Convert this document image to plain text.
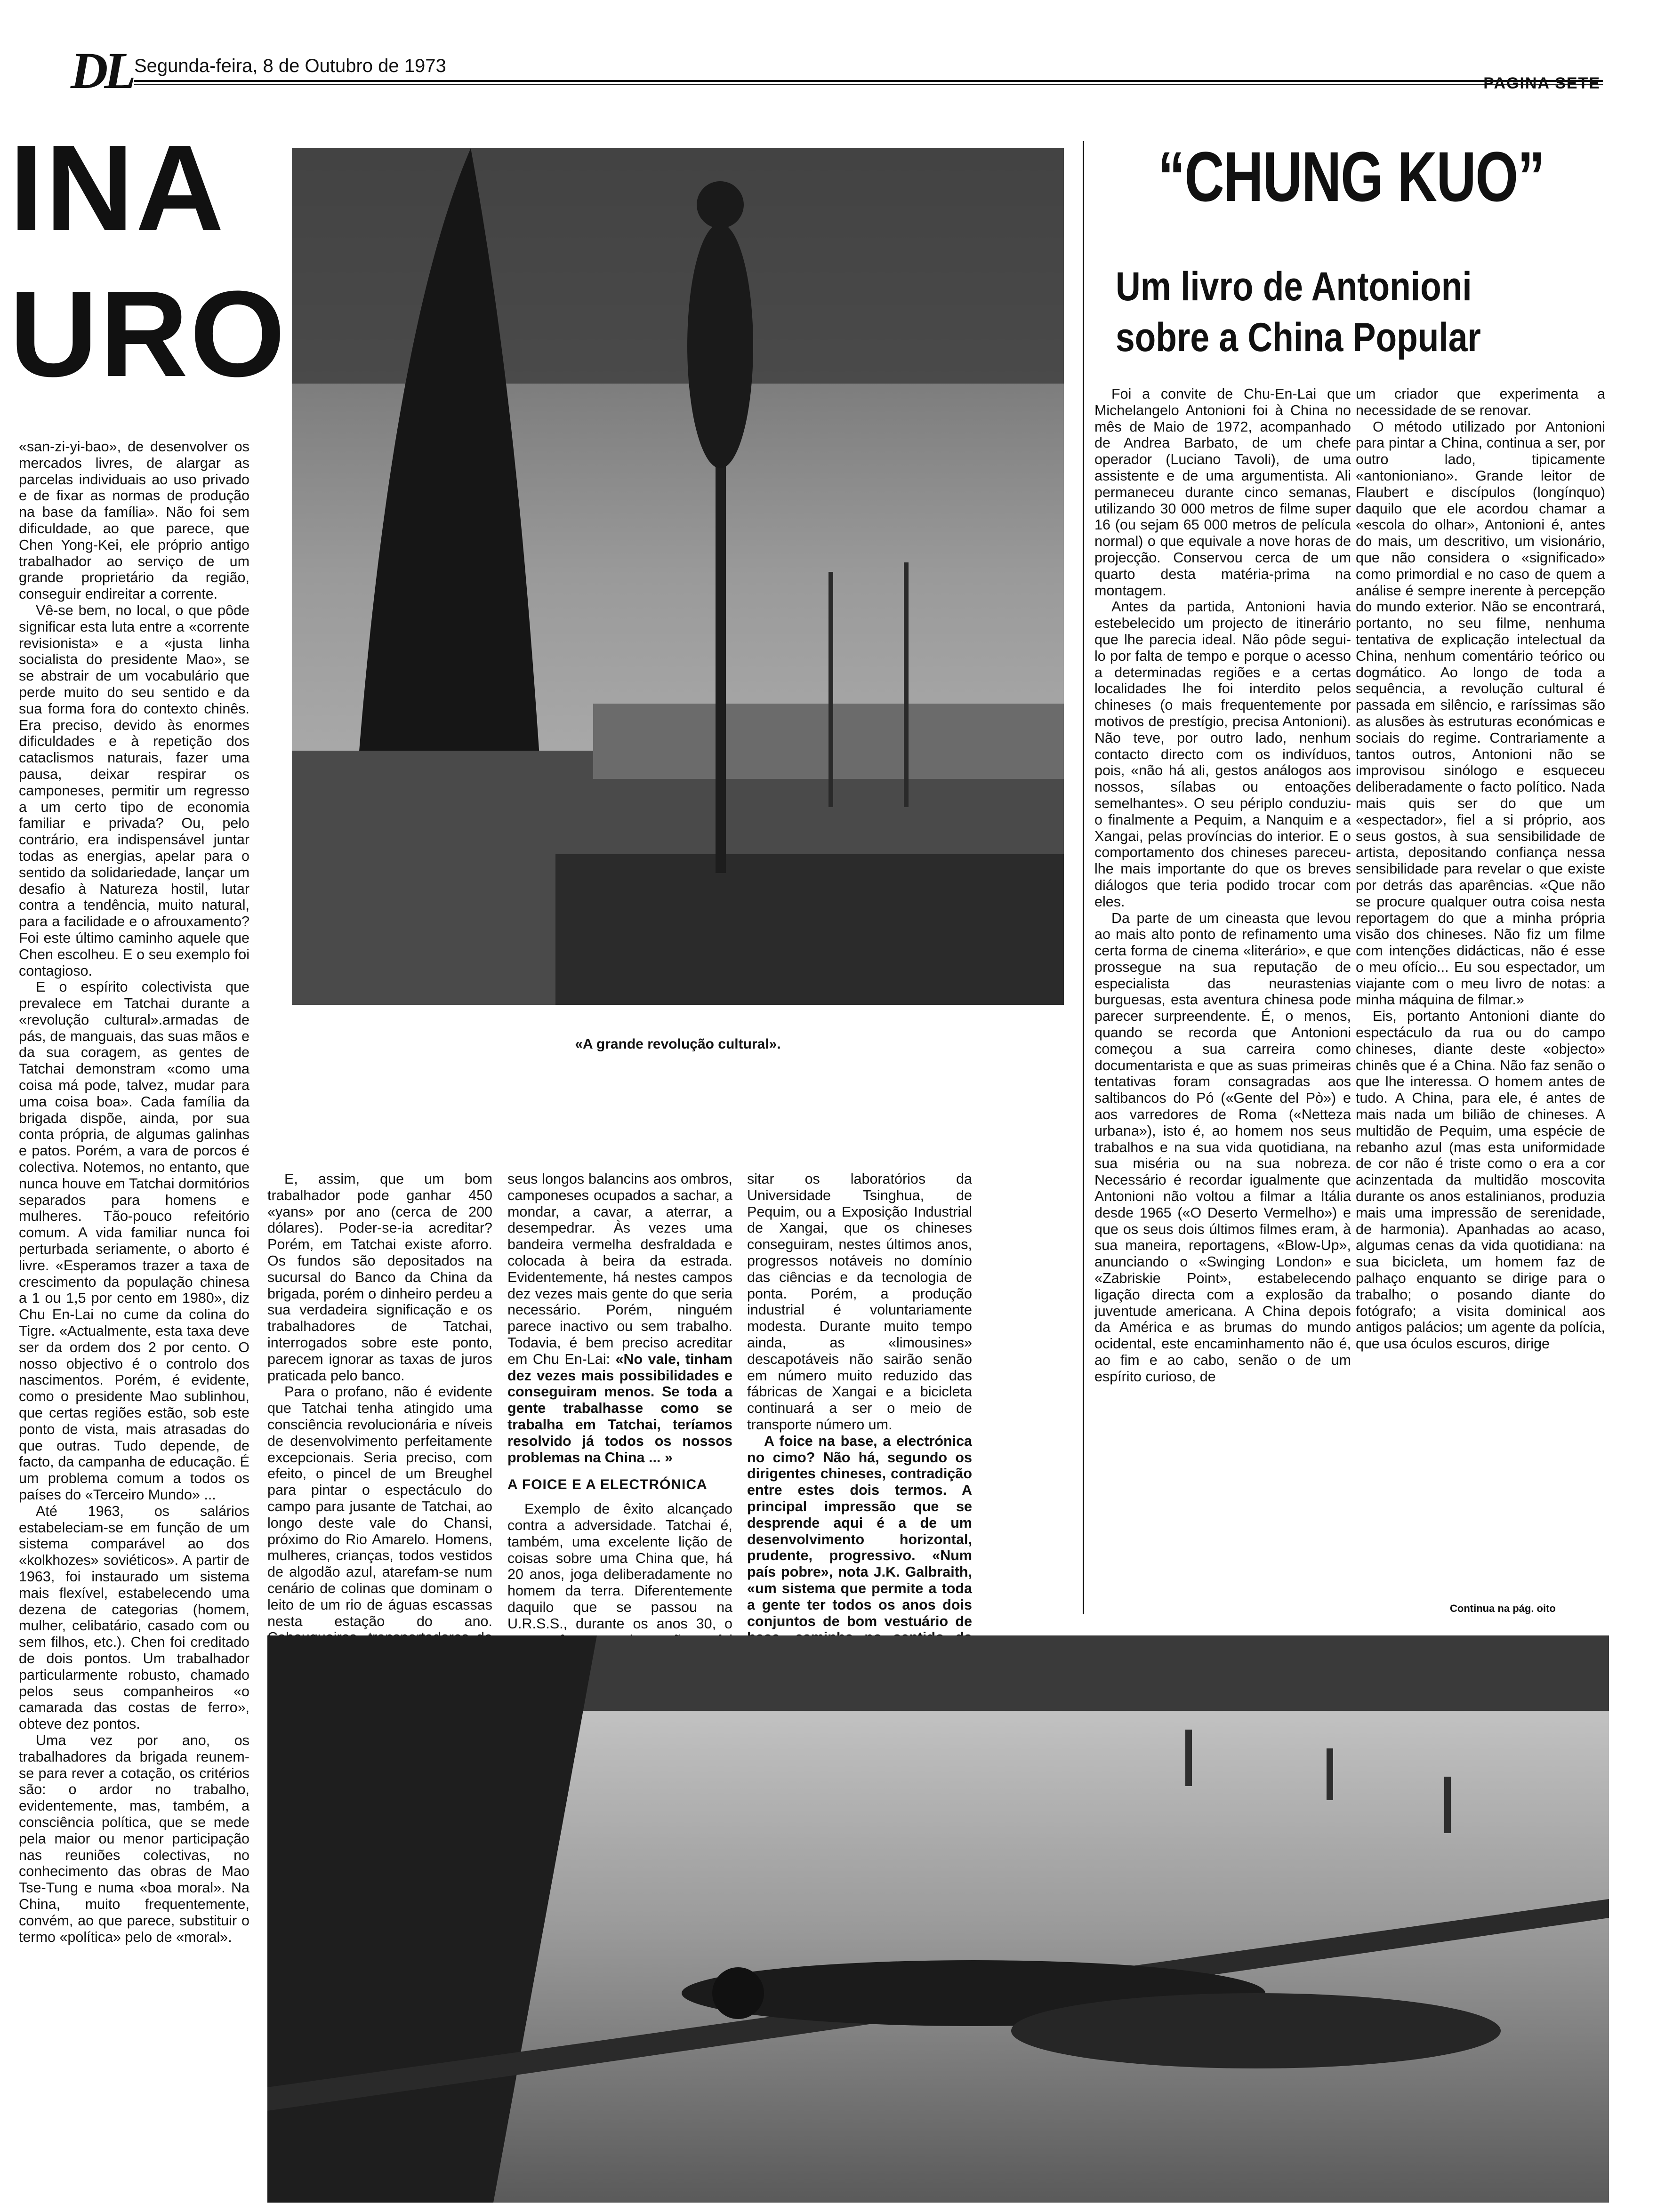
DL Segunda-feira, 8 de Outubro de 1973
PAGINA SETE
INA
URO

«san-zi-yi-bao», de desenvolver os mercados livres, de alargar as parcelas individuais ao uso privado e de fixar as normas de produção na base da família». Não foi sem dificuldade, ao que parece, que Chen Yong-Kei, ele próprio antigo trabalhador ao serviço de um grande proprietário da região, conseguir endireitar a corrente.

Vê-se bem, no local, o que pôde significar esta luta entre a «corrente revisionista» e a «justa linha socialista do presidente Mao», se se abstrair de um vocabulário que perde muito do seu sentido e da sua forma fora do contexto chinês. Era preciso, devido às enormes dificuldades e à repetição dos cataclismos naturais, fazer uma pausa, deixar respirar os camponeses, permitir um regresso a um certo tipo de economia familiar e privada? Ou, pelo contrário, era indispensável juntar todas as energias, apelar para o sentido da solidariedade, lançar um desafio à Natureza hostil, lutar contra a tendência, muito natural, para a facilidade e o afrouxamento? Foi este último caminho aquele que Chen escolheu. E o seu exemplo foi contagioso.

E o espírito colectivista que prevalece em Tatchai durante a «revolução cultural».armadas de pás, de manguais, das suas mãos e da sua coragem, as gentes de Tatchai demonstram «como uma coisa má pode, talvez, mudar para uma coisa boa». Cada família da brigada dispõe, ainda, por sua conta própria, de algumas galinhas e patos. Porém, a vara de porcos é colectiva. Notemos, no entanto, que nunca houve em Tatchai dormitórios separados para homens e mulheres. Tão-pouco refeitório comum. A vida familiar nunca foi perturbada seriamente, o aborto é livre. «Esperamos trazer a taxa de crescimento da população chinesa a 1 ou 1,5 por cento em 1980», diz Chu En-Lai no cume da colina do Tigre. «Actualmente, esta taxa deve ser da ordem dos 2 por cento. O nosso objectivo é o controlo dos nascimentos. Porém, é evidente, como o presidente Mao sublinhou, que certas regiões estão, sob este ponto de vista, mais atrasadas do que outras. Tudo depende, de facto, da campanha de educação. É um problema comum a todos os países do «Terceiro Mundo» ...

Até 1963, os salários estabeleciam-se em função de um sistema comparável ao dos «kolkhozes» soviéticos». A partir de 1963, foi instaurado um sistema mais flexível, estabelecendo uma dezena de categorias (homem, mulher, celibatário, casado com ou sem filhos, etc.). Chen foi creditado de dois pontos. Um trabalhador particularmente robusto, chamado pelos seus companheiros «o camarada das costas de ferro», obteve dez pontos.

Uma vez por ano, os trabalhadores da brigada reunem-se para rever a cotação, os critérios são: o ardor no trabalho, evidentemente, mas, também, a consciência política, que se mede pela maior ou menor participação nas reuniões colectivas, no conhecimento das obras de Mao Tse-Tung e numa «boa moral». Na China, muito frequentemente, convém, ao que parece, substituir o termo «política» pelo de «moral».

«A grande revolução cultural».

E, assim, que um bom trabalhador pode ganhar 450 «yans» por ano (cerca de 200 dólares). Poder-se-ia acreditar? Porém, em Tatchai existe aforro. Os fundos são depositados na sucursal do Banco da China da brigada, porém o dinheiro perdeu a sua verdadeira significação e os trabalhadores de Tatchai, interrogados sobre este ponto, parecem ignorar as taxas de juros praticada pelo banco.

Para o profano, não é evidente que Tatchai tenha atingido uma consciência revolucionária e níveis de desenvolvimento perfeitamente excepcionais. Seria preciso, com efeito, o pincel de um Breughel para pintar o espectáculo do campo para jusante de Tatchai, ao longo deste vale do Chansi, próximo do Rio Amarelo. Homens, mulheres, crianças, todos vestidos de algodão azul, atarefam-se num cenário de colinas que dominam o leito de um rio de águas escassas nesta estação do ano.

seus longos balancins aos ombros, camponeses ocupados a sachar, a mondar, a cavar, a aterrar, a desempedrar. Às vezes uma bandeira vermelha desfraldada e colocada à beira da estrada. Evidentemente, há nestes campos dez vezes mais gente do que seria necessário. Porém, ninguém parece inactivo ou sem trabalho. Todavia, é bem preciso acreditar em Chu En-Lai: «No vale, tinham dez vezes mais possibilidades e conseguiram menos. Se toda a gente trabalhasse como se trabalha em Tatchai, teríamos resolvido já todos os nossos problemas na China ... »

A FOICE E A ELECTRÓNICA

Exemplo de êxito alcançado contra a adversidade. Tatchai é, também, uma excelente lição de coisas sobre uma China que, há 20 anos, joga deliberadamente no homem da terra. Diferentemente daquilo que se passou na U.R.S.S., durante os anos 30, o

sitar os laboratórios da Universidade Tsinghua, de Pequim, ou a Exposição Industrial de Xangai, que os chineses conseguiram, nestes últimos anos, progressos notáveis no domínio das ciências e da tecnologia de ponta. Porém, a produção industrial é voluntariamente modesta. Durante muito tempo ainda, as «limousines» descapotáveis não sairão senão em número muito reduzido das fábricas de Xangai e a bicicleta continuará a ser o meio de transporte número um.

A foice na base, a electrónica no cimo? Não há, segundo os dirigentes chineses, contradição entre estes dois termos. A principal impressão que se desprende aqui é a de um desenvolvimento horizontal, prudente, progressivo. «Num país pobre», nota J.K. Galbraith, «um sistema que permite a toda a gente ter todos os anos dois conjuntos de bom vestuário de

“CHUNG KUO”
Um livro de Antonioni
sobre a China Popular

Foi a convite de Chu-En-Lai que Michelangelo Antonioni foi à China no mês de Maio de 1972, acompanhado de Andrea Barbato, de um chefe operador (Luciano Tavoli), de uma assistente e de uma argumentista. Ali permaneceu durante cinco semanas, utilizando 30 000 metros de filme super 16 (ou sejam 65 000 metros de película normal) o que equivale a nove horas de projecção. Conservou cerca de um quarto desta matéria-prima na montagem.

Antes da partida, Antonioni havia estebelecido um projecto de itinerário que lhe parecia ideal. Não pôde segui-lo por falta de tempo e porque o acesso a determinadas regiões e a certas localidades lhe foi interdito pelos chineses (o mais frequentemente por motivos de prestígio, precisa Antonioni). Não teve, por outro lado, nenhum contacto directo com os indivíduos, pois, «não há ali, gestos análogos aos nossos, sílabas ou entoações semelhantes». O seu périplo conduziu-o finalmente a Pequim, a Nanquim e a Xangai, pelas províncias do interior. E o comportamento dos chineses pareceu-lhe mais importante do que os breves diálogos que teria podido trocar com eles.

Da parte de um cineasta que levou ao mais alto ponto de refinamento uma certa forma de cinema «literário», e que prossegue na sua reputação de especialista das neurastenias burguesas, esta aventura chinesa pode parecer surpreendente. É, o menos, quando se recorda que Antonioni começou a sua carreira como documentarista e que as suas primeiras tentativas foram consagradas aos saltibancos do Pó («Gente del Pò») e aos varredores de Roma («Netteza urbana»), isto é, ao homem nos seus trabalhos e na sua vida quotidiana, na sua miséria ou na sua nobreza. Necessário é recordar igualmente que Antonioni não voltou a filmar a Itália desde 1965 («O Deserto Vermelho») e que os seus dois últimos filmes eram, à sua maneira, reportagens, «Blow-Up», anunciando o «Swinging London» e «Zabriskie Point», estabelecendo ligação directa com a explosão da juventude americana. A China depois da América e as brumas do mundo ocidental, este encaminhamento não é, ao fim e ao cabo, senão o de um espírito curioso, de

um criador que experimenta a necessidade de se renovar.

O método utilizado por Antonioni para pintar a China, continua a ser, por outro lado, tipicamente «antonioniano». Grande leitor de Flaubert e discípulos (longínquo) daquilo que ele acordou chamar a «escola do olhar», Antonioni é, antes do mais, um descritivo, um visionário, que não considera o «significado» como primordial e no caso de quem a análise é sempre inerente à percepção do mundo exterior. Não se encontrará, portanto, no seu filme, nenhuma tentativa de explicação intelectual da China, nenhum comentário teórico ou dogmático. Ao longo de toda a sequência, a revolução cultural é passada em silêncio, e raríssimas são as alusões às estruturas económicas e sociais do regime. Contrariamente a tantos outros, Antonioni não se improvisou sinólogo e esqueceu deliberadamente o facto político. Nada mais quis ser do que um «espectador», fiel a si próprio, aos seus gostos, à sua sensibilidade de artista, depositando confiança nessa sensibilidade para revelar o que existe por detrás das aparências. «Que não se procure qualquer outra coisa nesta reportagem do que a minha própria visão dos chineses. Não fiz um filme com intenções didácticas, não é esse o meu ofício... Eu sou espectador, um viajante com o meu livro de notas: a minha máquina de filmar.»

Eis, portanto Antonioni diante do espectáculo da rua ou do campo chineses, diante deste «objecto» chinês que é a China. Não faz senão o que lhe interessa. O homem antes de tudo. A China, para ele, é antes de mais nada um bilião de chineses. A multidão de Pequim, uma espécie de rebanho azul (mas esta uniformidade de cor não é triste como o era a cor acinzentada da multidão moscovita durante os anos estalinianos, produzia mais uma impressão de serenidade, de harmonia). Apanhadas ao acaso, algumas cenas da vida quotidiana: na sua bicicleta, um homem faz de palhaço enquanto se dirige para o trabalho; o posando diante do fotógrafo; a visita dominical aos antigos palácios; um agente da polícia, que usa óculos escuros, dirige

Continua na pág. oito
